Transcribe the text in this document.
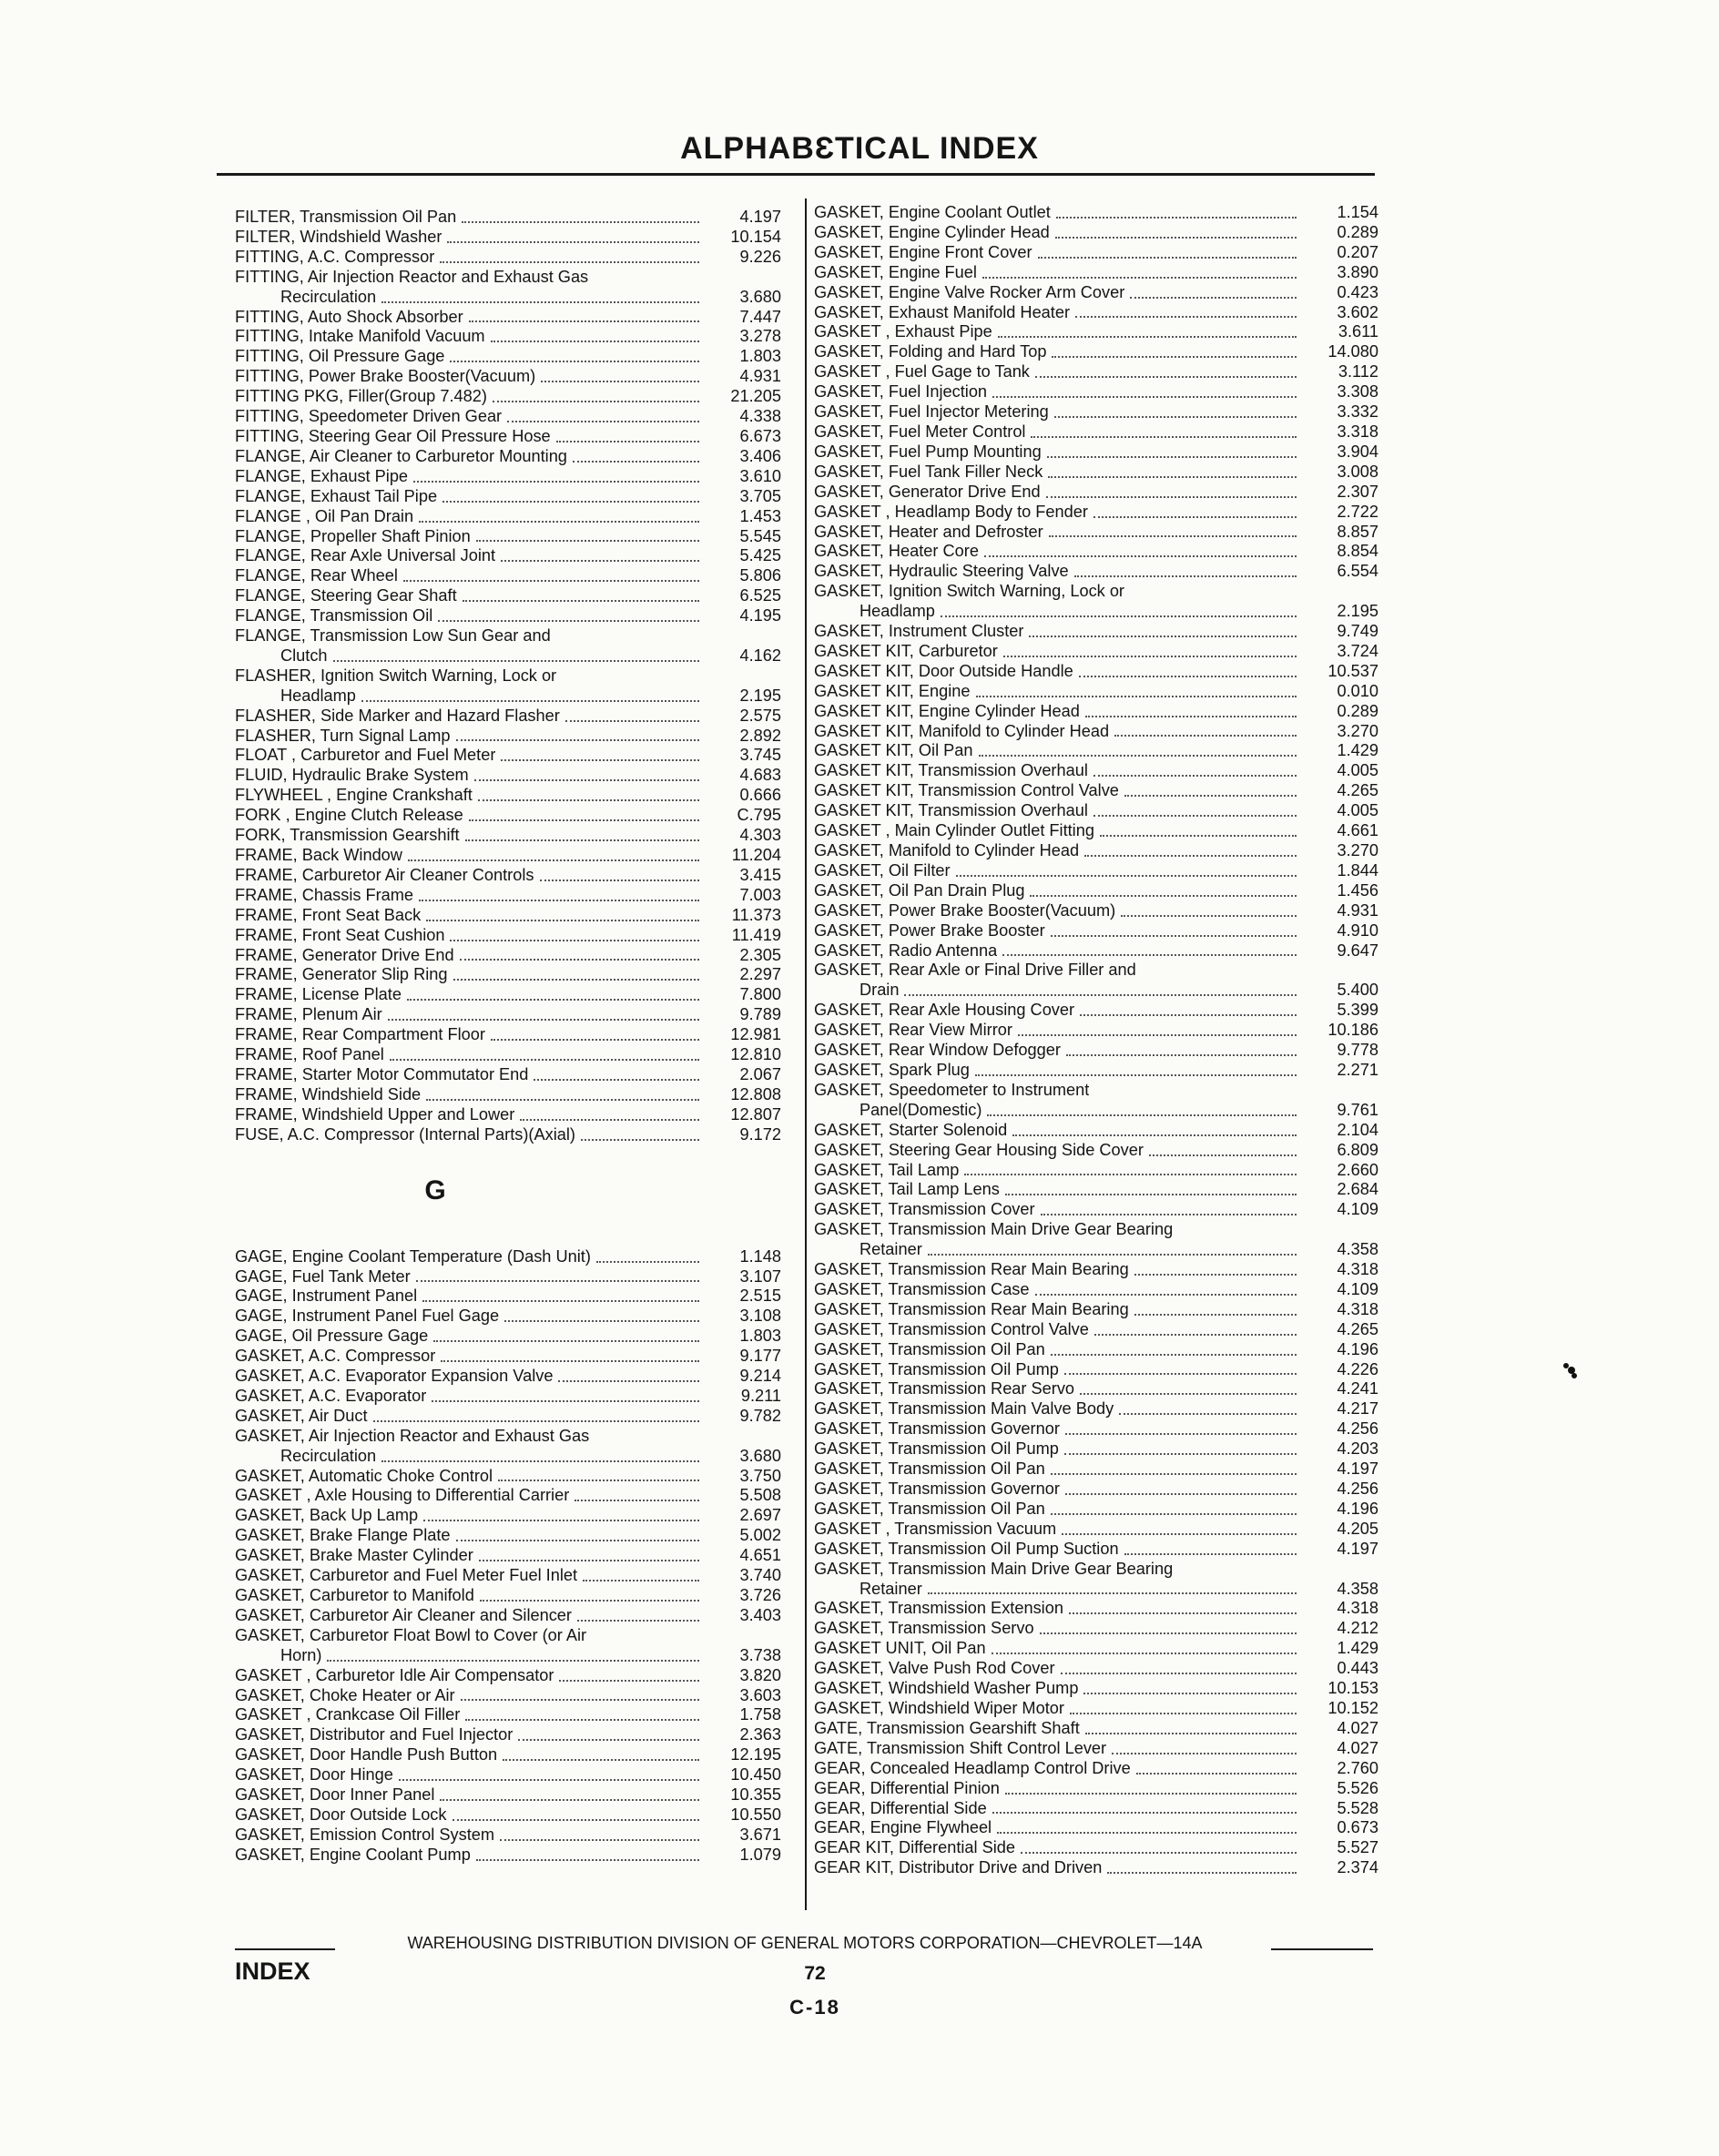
ALPHABƐTICAL INDEX
FILTER, Transmission Oil Pan	4.197
FILTER, Windshield Washer	10.154
FITTING, A.C. Compressor	9.226
FITTING, Air Injection Reactor and Exhaust Gas
Recirculation	3.680
FITTING, Auto Shock Absorber	7.447
FITTING, Intake Manifold Vacuum	3.278
FITTING, Oil Pressure Gage	1.803
FITTING, Power Brake Booster(Vacuum)	4.931
FITTING PKG, Filler(Group 7.482)	21.205
FITTING, Speedometer Driven Gear	4.338
FITTING, Steering Gear Oil Pressure Hose	6.673
FLANGE, Air Cleaner to Carburetor Mounting	3.406
FLANGE, Exhaust Pipe	3.610
FLANGE, Exhaust Tail Pipe	3.705
FLANGE , Oil Pan Drain	1.453
FLANGE, Propeller Shaft Pinion	5.545
FLANGE, Rear Axle Universal Joint	5.425
FLANGE, Rear Wheel	5.806
FLANGE, Steering Gear Shaft	6.525
FLANGE, Transmission Oil	4.195
FLANGE, Transmission Low Sun Gear and
Clutch	4.162
FLASHER, Ignition Switch Warning, Lock or
Headlamp	2.195
FLASHER, Side Marker and Hazard Flasher	2.575
FLASHER, Turn Signal Lamp	2.892
FLOAT , Carburetor and Fuel Meter	3.745
FLUID, Hydraulic Brake System	4.683
FLYWHEEL , Engine Crankshaft	0.666
FORK , Engine Clutch Release	C.795
FORK, Transmission Gearshift	4.303
FRAME, Back Window	11.204
FRAME, Carburetor Air Cleaner Controls	3.415
FRAME, Chassis Frame	7.003
FRAME, Front Seat Back	11.373
FRAME, Front Seat Cushion	11.419
FRAME, Generator Drive End	2.305
FRAME, Generator Slip Ring	2.297
FRAME, License Plate	7.800
FRAME, Plenum Air	9.789
FRAME, Rear Compartment Floor	12.981
FRAME, Roof Panel	12.810
FRAME, Starter Motor Commutator End	2.067
FRAME, Windshield Side	12.808
FRAME, Windshield Upper and Lower	12.807
FUSE, A.C. Compressor (Internal Parts)(Axial)	9.172
G
GAGE, Engine Coolant Temperature (Dash Unit)	1.148
GAGE, Fuel Tank Meter	3.107
GAGE, Instrument Panel	2.515
GAGE, Instrument Panel Fuel Gage	3.108
GAGE, Oil Pressure Gage	1.803
GASKET, A.C. Compressor	9.177
GASKET, A.C. Evaporator Expansion Valve	9.214
GASKET, A.C. Evaporator	9.211
GASKET, Air Duct	9.782
GASKET, Air Injection Reactor and Exhaust Gas
Recirculation	3.680
GASKET, Automatic Choke Control	3.750
GASKET , Axle Housing to Differential Carrier	5.508
GASKET, Back Up Lamp	2.697
GASKET, Brake Flange Plate	5.002
GASKET, Brake Master Cylinder	4.651
GASKET, Carburetor and Fuel Meter Fuel Inlet	3.740
GASKET, Carburetor to Manifold	3.726
GASKET, Carburetor Air Cleaner and Silencer	3.403
GASKET, Carburetor Float Bowl to Cover (or Air
Horn)	3.738
GASKET , Carburetor Idle Air Compensator	3.820
GASKET, Choke Heater or Air	3.603
GASKET , Crankcase Oil Filler	1.758
GASKET, Distributor and Fuel Injector	2.363
GASKET, Door Handle Push Button	12.195
GASKET, Door Hinge	10.450
GASKET, Door Inner Panel	10.355
GASKET, Door Outside Lock	10.550
GASKET, Emission Control System	3.671
GASKET, Engine Coolant Pump	1.079
GASKET, Engine Coolant Outlet	1.154
GASKET, Engine Cylinder Head	0.289
GASKET, Engine Front Cover	0.207
GASKET, Engine Fuel	3.890
GASKET, Engine Valve Rocker Arm Cover	0.423
GASKET, Exhaust Manifold Heater	3.602
GASKET , Exhaust Pipe	3.611
GASKET, Folding and Hard Top	14.080
GASKET , Fuel Gage to Tank	3.112
GASKET, Fuel Injection	3.308
GASKET, Fuel Injector Metering	3.332
GASKET, Fuel Meter Control	3.318
GASKET, Fuel Pump Mounting	3.904
GASKET, Fuel Tank Filler Neck	3.008
GASKET, Generator Drive End	2.307
GASKET , Headlamp Body to Fender	2.722
GASKET, Heater and Defroster	8.857
GASKET, Heater Core	8.854
GASKET, Hydraulic Steering Valve	6.554
GASKET, Ignition Switch Warning, Lock or
Headlamp	2.195
GASKET, Instrument Cluster	9.749
GASKET KIT, Carburetor	3.724
GASKET KIT, Door Outside Handle	10.537
GASKET KIT, Engine	0.010
GASKET KIT, Engine Cylinder Head	0.289
GASKET KIT, Manifold to Cylinder Head	3.270
GASKET KIT, Oil Pan	1.429
GASKET KIT, Transmission Overhaul	4.005
GASKET KIT, Transmission Control Valve	4.265
GASKET KIT, Transmission Overhaul	4.005
GASKET , Main Cylinder Outlet Fitting	4.661
GASKET, Manifold to Cylinder Head	3.270
GASKET, Oil Filter	1.844
GASKET, Oil Pan Drain Plug	1.456
GASKET, Power Brake Booster(Vacuum)	4.931
GASKET, Power Brake Booster	4.910
GASKET, Radio Antenna	9.647
GASKET, Rear Axle or Final Drive Filler and
Drain	5.400
GASKET, Rear Axle Housing Cover	5.399
GASKET, Rear View Mirror	10.186
GASKET, Rear Window Defogger	9.778
GASKET, Spark Plug	2.271
GASKET, Speedometer to Instrument
Panel(Domestic)	9.761
GASKET, Starter Solenoid	2.104
GASKET, Steering Gear Housing Side Cover	6.809
GASKET, Tail Lamp	2.660
GASKET, Tail Lamp Lens	2.684
GASKET, Transmission Cover	4.109
GASKET, Transmission Main Drive Gear Bearing
Retainer	4.358
GASKET, Transmission Rear Main Bearing	4.318
GASKET, Transmission Case	4.109
GASKET, Transmission Rear Main Bearing	4.318
GASKET, Transmission Control Valve	4.265
GASKET, Transmission Oil Pan	4.196
GASKET, Transmission Oil Pump	4.226
GASKET, Transmission Rear Servo	4.241
GASKET, Transmission Main Valve Body	4.217
GASKET, Transmission Governor	4.256
GASKET, Transmission Oil Pump	4.203
GASKET, Transmission Oil Pan	4.197
GASKET, Transmission Governor	4.256
GASKET, Transmission Oil Pan	4.196
GASKET , Transmission Vacuum	4.205
GASKET, Transmission Oil Pump Suction	4.197
GASKET, Transmission Main Drive Gear Bearing
Retainer	4.358
GASKET, Transmission Extension	4.318
GASKET, Transmission Servo	4.212
GASKET UNIT, Oil Pan	1.429
GASKET, Valve Push Rod Cover	0.443
GASKET, Windshield Washer Pump	10.153
GASKET, Windshield Wiper Motor	10.152
GATE, Transmission Gearshift Shaft	4.027
GATE, Transmission Shift Control Lever	4.027
GEAR, Concealed Headlamp Control Drive	2.760
GEAR, Differential Pinion	5.526
GEAR, Differential Side	5.528
GEAR, Engine Flywheel	0.673
GEAR KIT, Differential Side	5.527
GEAR KIT, Distributor Drive and Driven	2.374
WAREHOUSING DISTRIBUTION DIVISION OF GENERAL MOTORS CORPORATION—CHEVROLET—14A
INDEX	72
C-18
